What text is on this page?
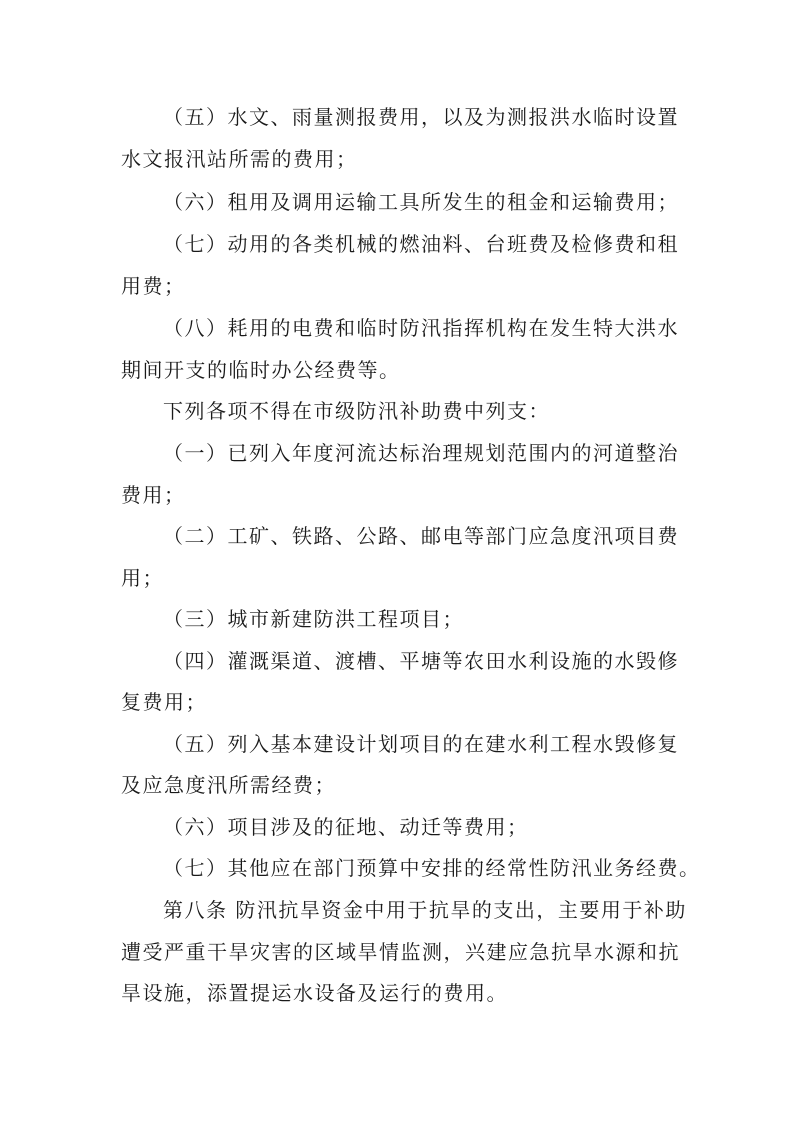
（五）水文、雨量测报费用，以及为测报洪水临时设置
水文报汛站所需的费用；
（六）租用及调用运输工具所发生的租金和运输费用；
（七）动用的各类机械的燃油料、台班费及检修费和租
用费；
（八）耗用的电费和临时防汛指挥机构在发生特大洪水
期间开支的临时办公经费等。
下列各项不得在市级防汛补助费中列支：
（一）已列入年度河流达标治理规划范围内的河道整治
费用；
（二）工矿、铁路、公路、邮电等部门应急度汛项目费
用；
（三）城市新建防洪工程项目；
（四）灌溉渠道、渡槽、平塘等农田水利设施的水毁修
复费用；
（五）列入基本建设计划项目的在建水利工程水毁修复
及应急度汛所需经费；
（六）项目涉及的征地、动迁等费用；
（七）其他应在部门预算中安排的经常性防汛业务经费。
第八条 防汛抗旱资金中用于抗旱的支出，主要用于补助
遭受严重干旱灾害的区域旱情监测，兴建应急抗旱水源和抗
旱设施，添置提运水设备及运行的费用。
